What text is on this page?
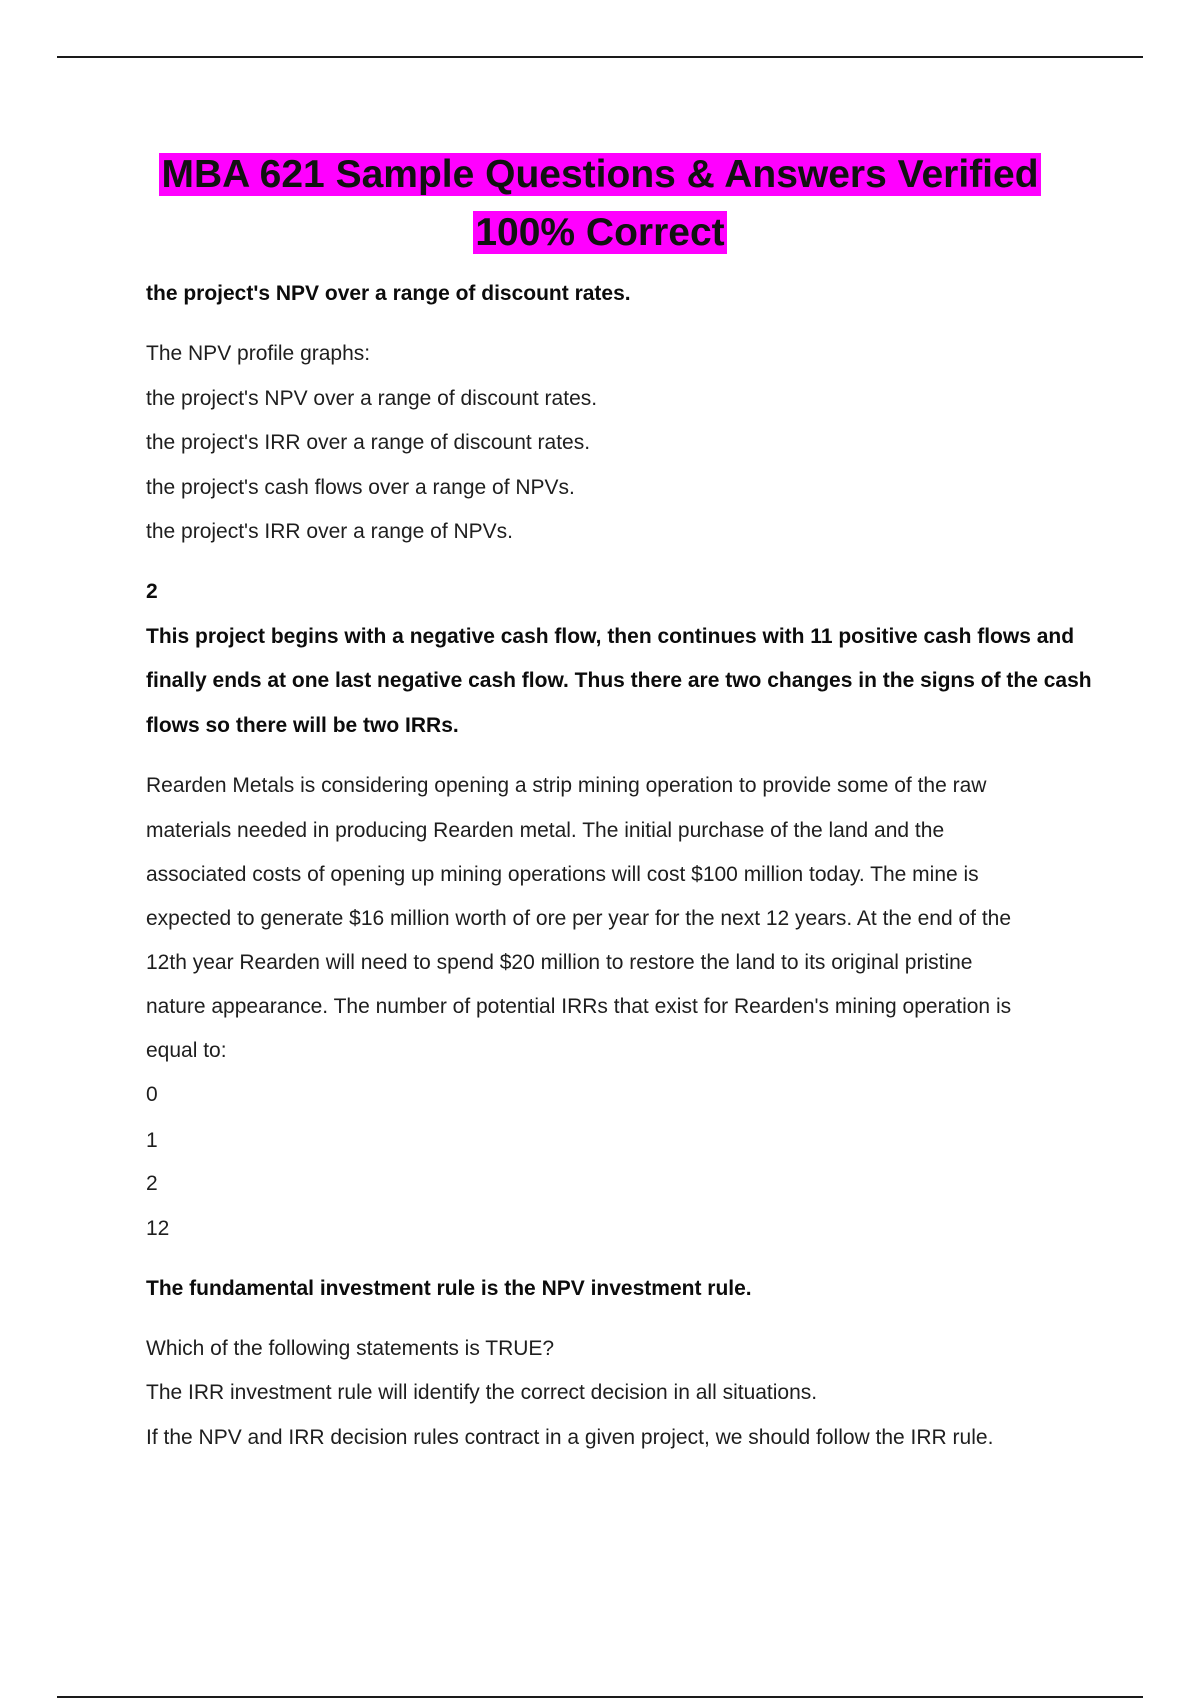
MBA 621 Sample Questions & Answers Verified
100% Correct
the project's NPV over a range of discount rates.
The NPV profile graphs:
the project's NPV over a range of discount rates.
the project's IRR over a range of discount rates.
the project's cash flows over a range of NPVs.
the project's IRR over a range of NPVs.
2
This project begins with a negative cash flow, then continues with 11 positive cash flows and
finally ends at one last negative cash flow. Thus there are two changes in the signs of the cash
flows so there will be two IRRs.
Rearden Metals is considering opening a strip mining operation to provide some of the raw
materials needed in producing Rearden metal. The initial purchase of the land and the
associated costs of opening up mining operations will cost $100 million today. The mine is
expected to generate $16 million worth of ore per year for the next 12 years. At the end of the
12th year Rearden will need to spend $20 million to restore the land to its original pristine
nature appearance. The number of potential IRRs that exist for Rearden's mining operation is
equal to:
0
1
2
12
The fundamental investment rule is the NPV investment rule.
Which of the following statements is TRUE?
The IRR investment rule will identify the correct decision in all situations.
If the NPV and IRR decision rules contract in a given project, we should follow the IRR rule.
